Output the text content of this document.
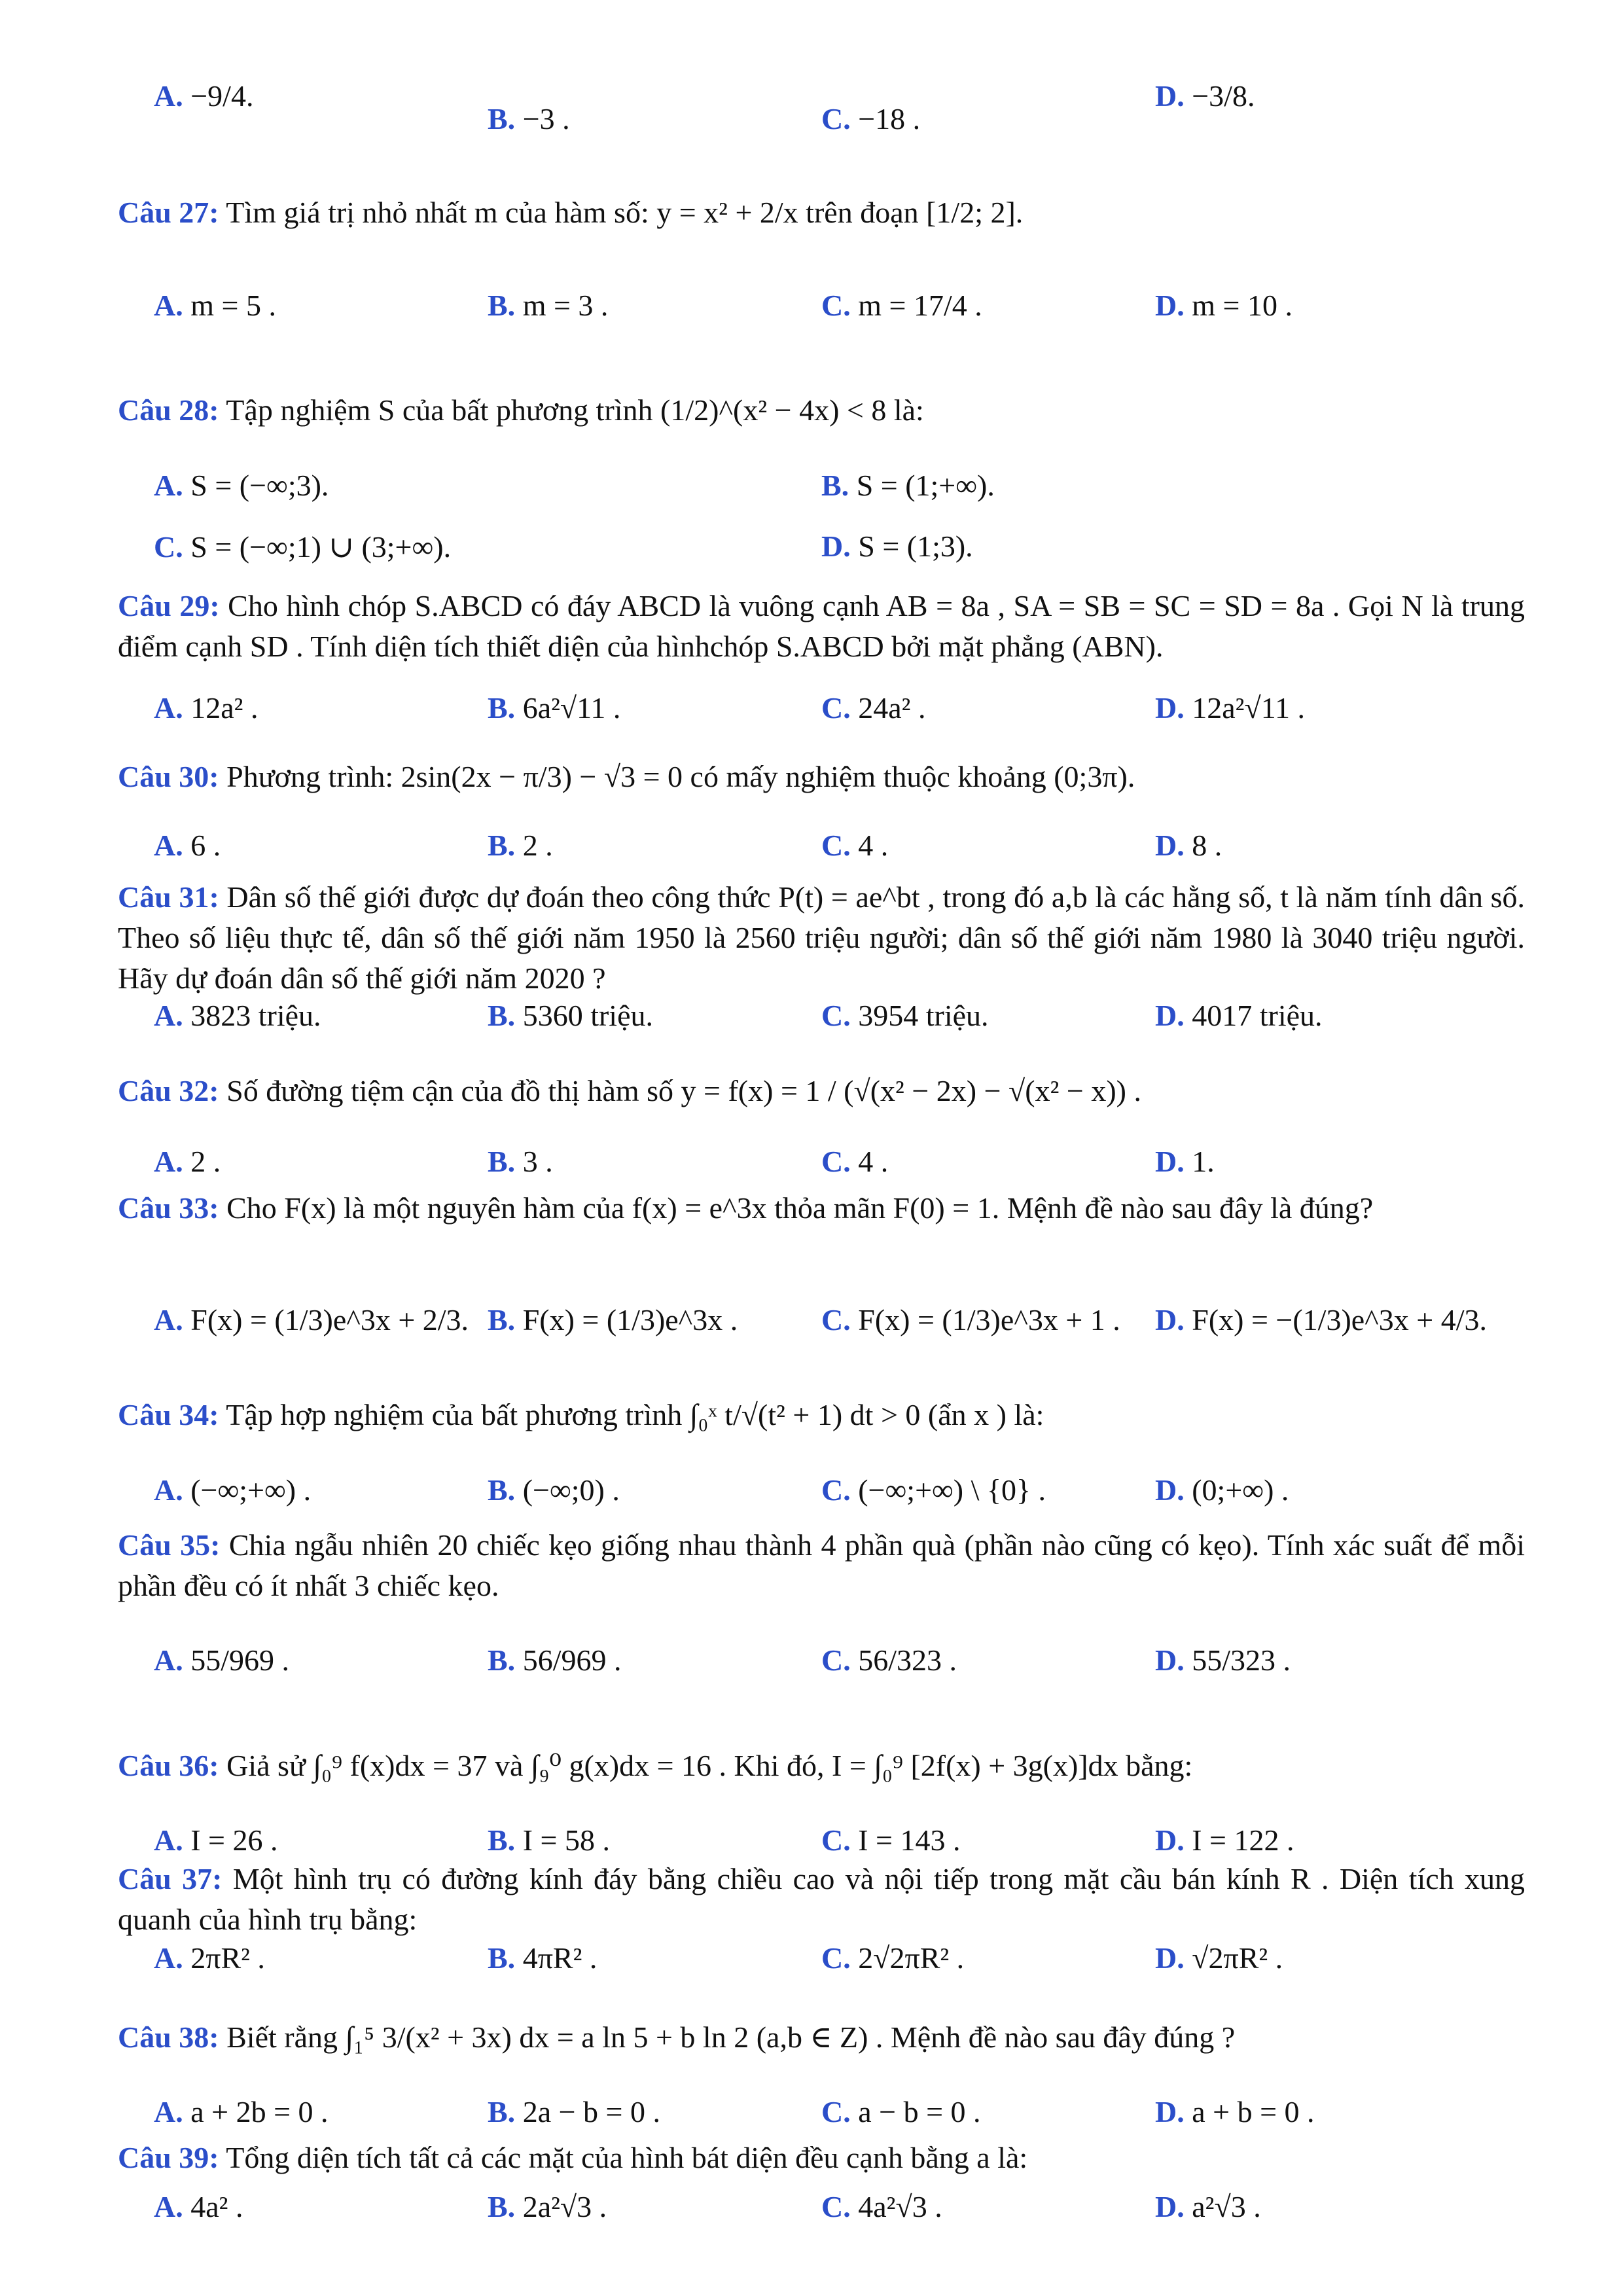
A. −9/4.
B. −3 .	C. −18 .
D. −3/8.
Câu 27: Tìm giá trị nhỏ nhất m của hàm số: y = x² + 2/x trên đoạn [1/2; 2].
A. m = 5 .	B. m = 3 .	C. m = 17/4 .	D. m = 10 .
Câu 28: Tập nghiệm S của bất phương trình (1/2)^(x² − 4x) < 8 là:
A. S = (−∞;3).	B. S = (1;+∞).
C. S = (−∞;1) ∪ (3;+∞).	D. S = (1;3).
Câu 29: Cho hình chóp S.ABCD có đáy ABCD là vuông cạnh AB = 8a , SA = SB = SC = SD = 8a . Gọi N là trung điểm cạnh SD . Tính diện tích thiết diện của hìnhchóp S.ABCD bởi mặt phẳng (ABN).
A. 12a² .	B. 6a²√11 .	C. 24a² .	D. 12a²√11 .
Câu 30: Phương trình: 2sin(2x − π/3) − √3 = 0 có mấy nghiệm thuộc khoảng (0;3π).
A. 6 .	B. 2 .	C. 4 .	D. 8 .
Câu 31: Dân số thế giới được dự đoán theo công thức P(t) = ae^bt , trong đó a,b là các hằng số, t là năm tính dân số. Theo số liệu thực tế, dân số thế giới năm 1950 là 2560 triệu người; dân số thế giới năm 1980 là 3040 triệu người. Hãy dự đoán dân số thế giới năm 2020 ?
A. 3823 triệu.	B. 5360 triệu.	C. 3954 triệu.	D. 4017 triệu.
Câu 32: Số đường tiệm cận của đồ thị hàm số y = f(x) = 1 / (√(x² − 2x) − √(x² − x)) .
A. 2 .	B. 3 .	C. 4 .	D. 1.
Câu 33: Cho F(x) là một nguyên hàm của f(x) = e^3x thỏa mãn F(0) = 1. Mệnh đề nào sau đây là đúng?
A. F(x) = (1/3)e^3x + 2/3. B. F(x) = (1/3)e^3x .	C. F(x) = (1/3)e^3x + 1 . D. F(x) = −(1/3)e^3x + 4/3.
Câu 34: Tập hợp nghiệm của bất phương trình ∫₀ˣ t/√(t² + 1) dt > 0 (ẩn x ) là:
A. (−∞;+∞) .	B. (−∞;0) .	C. (−∞;+∞) \ {0} .	D. (0;+∞) .
Câu 35: Chia ngẫu nhiên 20 chiếc kẹo giống nhau thành 4 phần quà (phần nào cũng có kẹo). Tính xác suất để mỗi phần đều có ít nhất 3 chiếc kẹo.
A. 55/969 .	B. 56/969 .	C. 56/323 .	D. 55/323 .
Câu 36: Giả sử ∫₀⁹ f(x)dx = 37 và ∫₉⁰ g(x)dx = 16 . Khi đó, I = ∫₀⁹ [2f(x) + 3g(x)]dx bằng:
A. I = 26 .	B. I = 58 .	C. I = 143 .	D. I = 122 .
Câu 37: Một hình trụ có đường kính đáy bằng chiều cao và nội tiếp trong mặt cầu bán kính R . Diện tích xung quanh của hình trụ bằng:
A. 2πR² .	B. 4πR² .	C. 2√2πR² .	D. √2πR² .
Câu 38: Biết rằng ∫₁⁵ 3/(x² + 3x) dx = a ln 5 + b ln 2 (a,b ∈ Z) . Mệnh đề nào sau đây đúng ?
A. a + 2b = 0 .	B. 2a − b = 0 .	C. a − b = 0 .	D. a + b = 0 .
Câu 39: Tổng diện tích tất cả các mặt của hình bát diện đều cạnh bằng a là:
A. 4a² .	B. 2a²√3 .	C. 4a²√3 .	D. a²√3 .
